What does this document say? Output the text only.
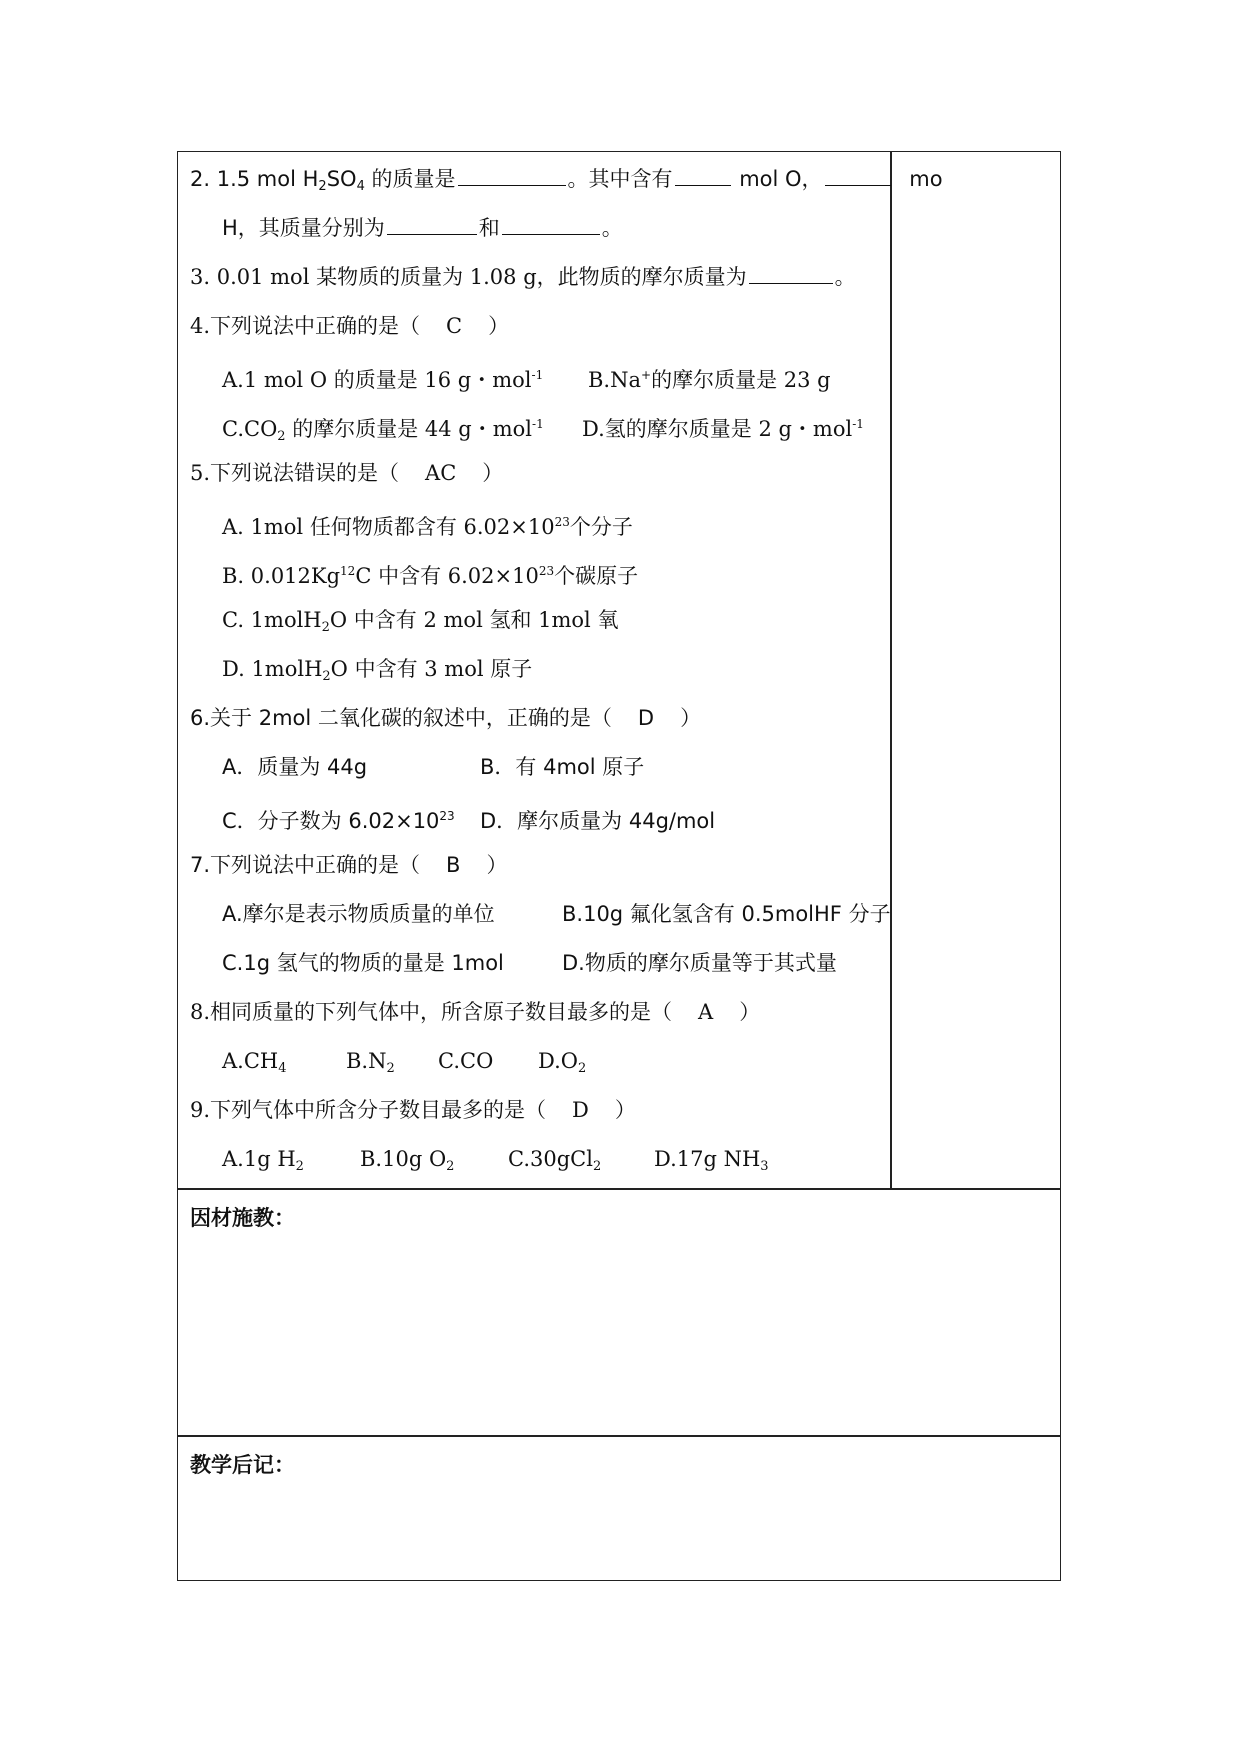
2. 1.5 mol $H_2SO_4$ 的质量是	。其中含有	mol O，	mo
H，其质量分别为	和	。
3. 0.01 mol 某物质的质量为 1.08 g，此物质的摩尔质量为	。
4.下列说法中正确的是（ C ）
A.1 mol O 的质量是 16 g・mol$^{-1}$ B.Na+的摩尔质量是 23 g
$C.CO_2$ 的摩尔质量是 44 g・mol$^{-1}$ D.氢的摩尔质量是 2 g・mol$^{-1}$
5.下列说法错误的是（ AC ）
A. 1mol 任何物质都含有 $6.02\times 10^{23}$个分子
B. 0.012Kg$^{12}$C 中含有 $6.02\times 10^{23}$个碳原子
C. 1molH$_2$O 中含有 2 mol 氢和 1mol 氧
D. 1molH$_2$O 中含有 3 mol 原子
6.关于 2mol 二氧化碳的叙述中，正确的是（ D ）
A．质量为 44g	B．有 4mol 原子
C．分子数为 $6.02\times 10^{23}$ D．摩尔质量为 44g/mol
7.下列说法中正确的是（ B ）
A.摩尔是表示物质质量的单位	B.10g 氟化氢含有 0.5molHF 分子
C.1g 氢气的物质的量是 1mol	D.物质的摩尔质量等于其式量
8.相同质量的下列气体中，所含原子数目最多的是（ A ）
$A.CH_4$	$B.N_2$ C.CO $D.O_2$
9.下列气体中所含分子数目最多的是（ D ）
A.1g $H_2$	B.10g $O_2$	C.30gCl$_2$	D.17g $NH_3$
因材施教：
教学后记：
